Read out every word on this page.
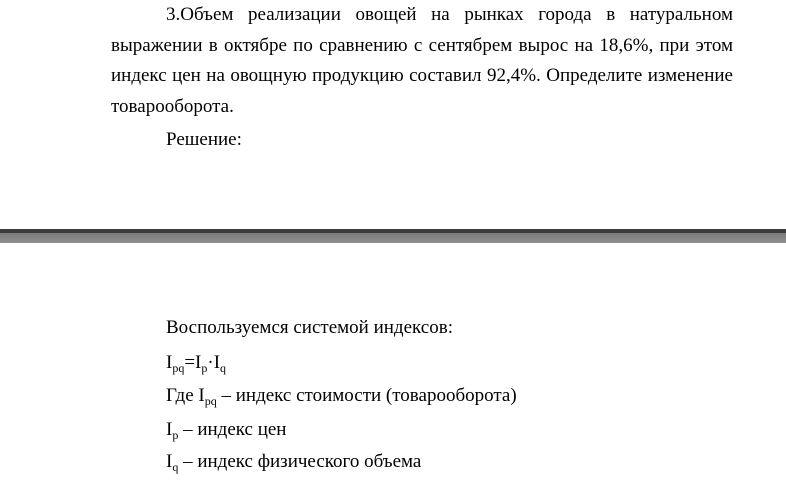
3.Объем реализации овощей на рынках города в натуральном выражении в октябре по сравнению с сентябрем вырос на 18,6%, при этом индекс цен на овощную продукцию составил 92,4%. Определите изменение товарооборота.

Решение:

Воспользуемся системой индексов:

$I_{pq}=I_p\cdot I_q$

Где $I_{pq}$ – индекс стоимости (товарооборота)

$I_p$ – индекс цен

$I_q$ – индекс физического объема
